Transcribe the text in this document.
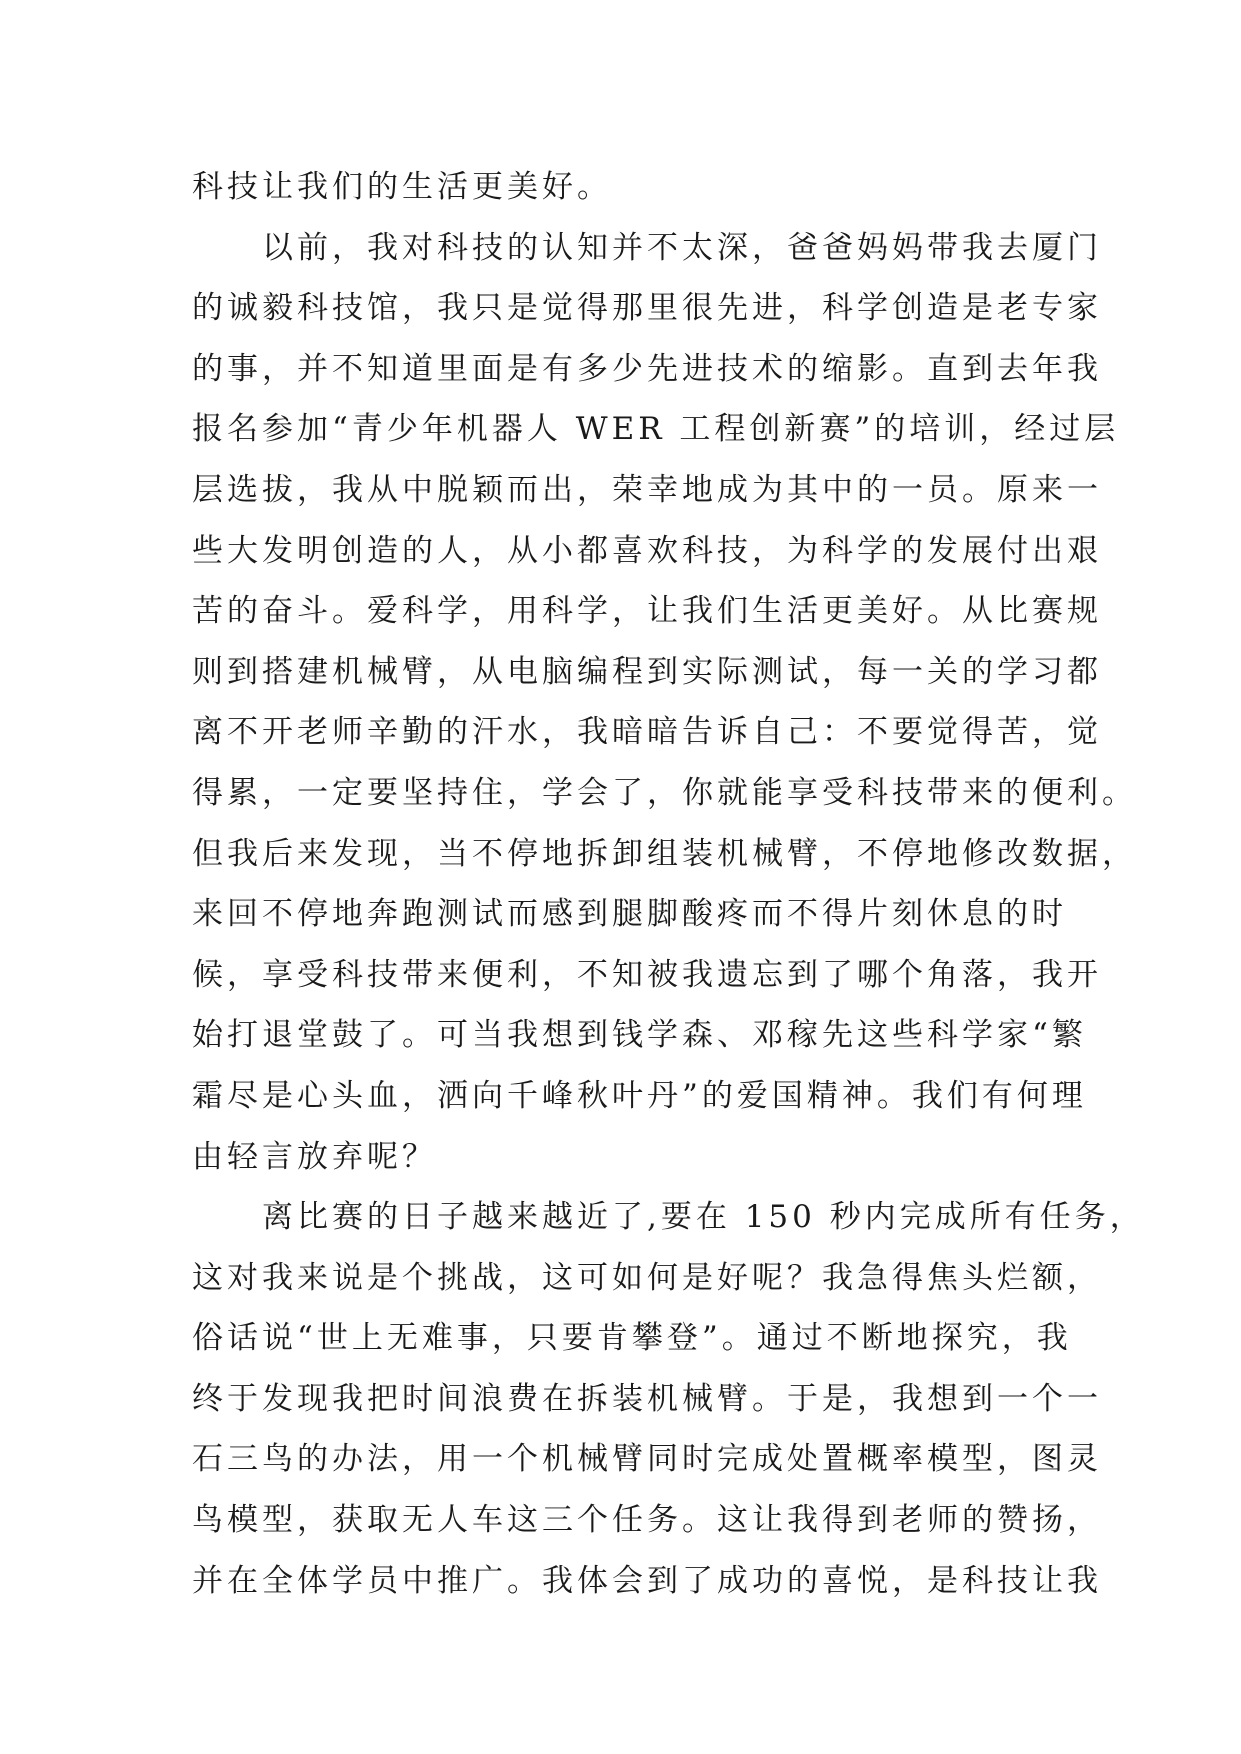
科技让我们的生活更美好。
以前，我对科技的认知并不太深，爸爸妈妈带我去厦门
的诚毅科技馆，我只是觉得那里很先进，科学创造是老专家
的事，并不知道里面是有多少先进技术的缩影。直到去年我
报名参加“青少年机器人 WER 工程创新赛”的培训，经过层
层选拔，我从中脱颖而出，荣幸地成为其中的一员。原来一
些大发明创造的人，从小都喜欢科技，为科学的发展付出艰
苦的奋斗。爱科学，用科学，让我们生活更美好。从比赛规
则到搭建机械臂，从电脑编程到实际测试，每一关的学习都
离不开老师辛勤的汗水，我暗暗告诉自己：不要觉得苦，觉
得累，一定要坚持住，学会了，你就能享受科技带来的便利。
但我后来发现，当不停地拆卸组装机械臂，不停地修改数据，
来回不停地奔跑测试而感到腿脚酸疼而不得片刻休息的时
候，享受科技带来便利，不知被我遗忘到了哪个角落，我开
始打退堂鼓了。可当我想到钱学森、邓稼先这些科学家“繁
霜尽是心头血，洒向千峰秋叶丹”的爱国精神。我们有何理
由轻言放弃呢？
离比赛的日子越来越近了,要在 150 秒内完成所有任务，
这对我来说是个挑战，这可如何是好呢？我急得焦头烂额，
俗话说“世上无难事，只要肯攀登”。通过不断地探究，我
终于发现我把时间浪费在拆装机械臂。于是，我想到一个一
石三鸟的办法，用一个机械臂同时完成处置概率模型，图灵
鸟模型，获取无人车这三个任务。这让我得到老师的赞扬，
并在全体学员中推广。我体会到了成功的喜悦，是科技让我
